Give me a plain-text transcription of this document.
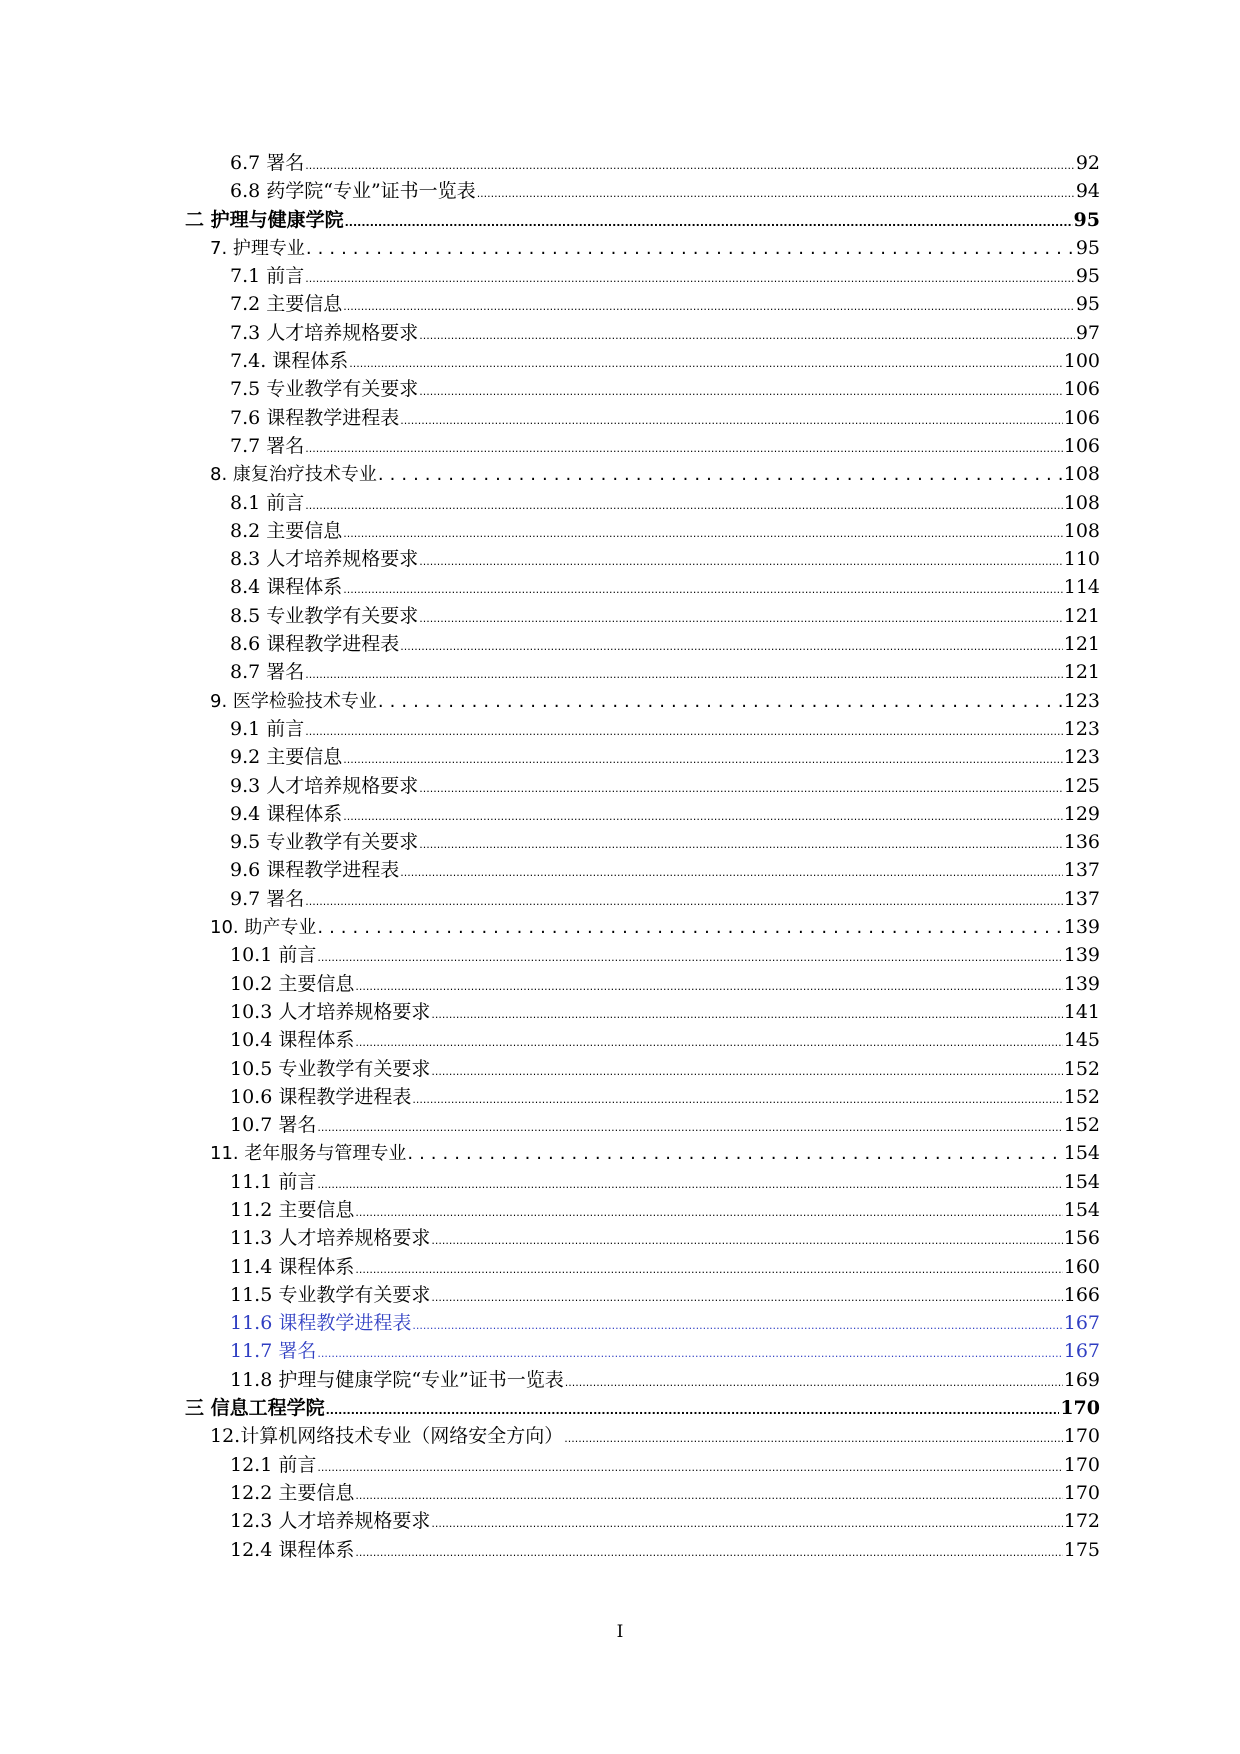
6.7 署名 .....	92
6.8 药学院“专业”证书一览表 .....	94
二 护理与健康学院 .....	95
7. 护理专业 .....	95
7.1 前言 .....	95
7.2 主要信息 .....	95
7.3 人才培养规格要求 .....	97
7.4. 课程体系 .....	100
7.5 专业教学有关要求 .....	106
7.6 课程教学进程表 .....	106
7.7 署名 .....	106
8. 康复治疗技术专业 .....	108
8.1 前言 .....	108
8.2 主要信息 .....	108
8.3 人才培养规格要求 .....	110
8.4 课程体系 .....	114
8.5 专业教学有关要求 .....	121
8.6 课程教学进程表 .....	121
8.7 署名 .....	121
9. 医学检验技术专业 .....	123
9.1 前言 .....	123
9.2 主要信息 .....	123
9.3 人才培养规格要求 .....	125
9.4 课程体系 .....	129
9.5 专业教学有关要求 .....	136
9.6 课程教学进程表 .....	137
9.7 署名 .....	137
10. 助产专业 .....	139
10.1 前言 .....	139
10.2 主要信息 .....	139
10.3 人才培养规格要求 .....	141
10.4 课程体系 .....	145
10.5 专业教学有关要求 .....	152
10.6 课程教学进程表 .....	152
10.7 署名 .....	152
11. 老年服务与管理专业 .....	154
11.1 前言 .....	154
11.2 主要信息 .....	154
11.3 人才培养规格要求 .....	156
11.4 课程体系 .....	160
11.5 专业教学有关要求 .....	166
11.6 课程教学进程表 .....	167
11.7 署名 .....	167
11.8 护理与健康学院“专业”证书一览表 .....	169
三 信息工程学院 .....	170
12.计算机网络技术专业（网络安全方向） .....	170
12.1 前言 .....	170
12.2 主要信息 .....	170
12.3 人才培养规格要求 .....	172
12.4 课程体系 .....	175
I
